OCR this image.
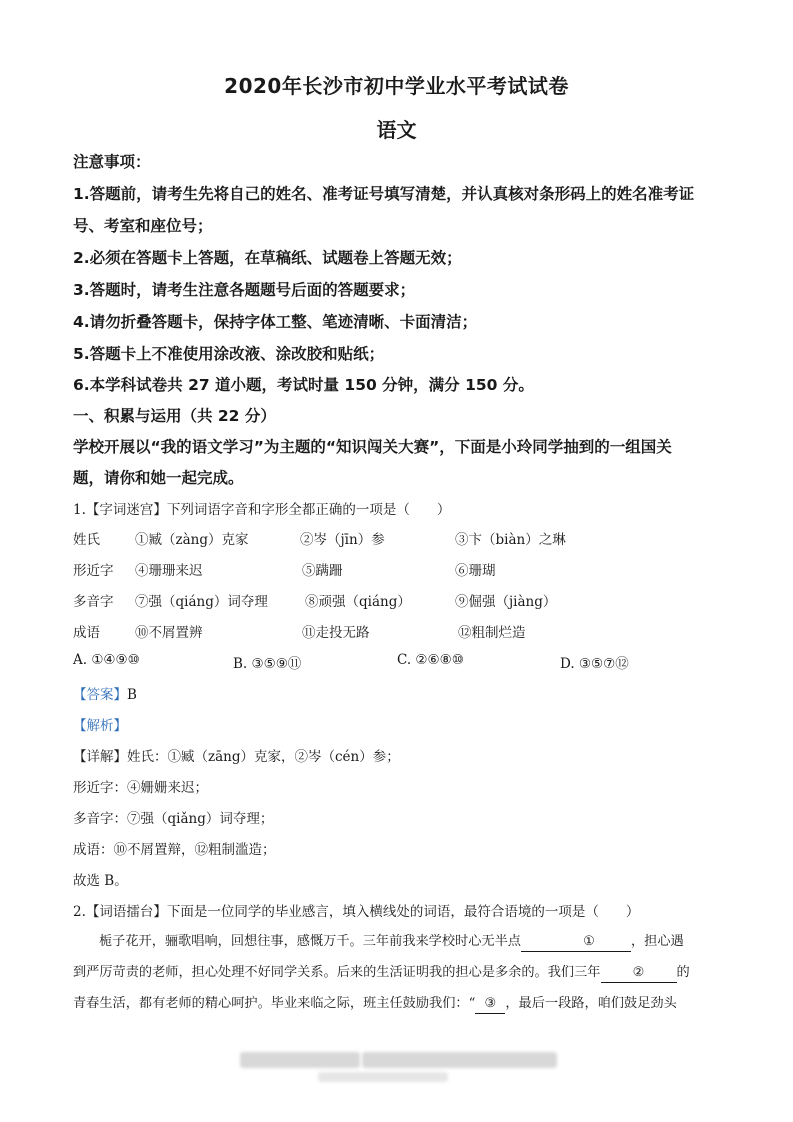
2020年长沙市初中学业水平考试试卷
语文
注意事项：
1.答题前，请考生先将自己的姓名、准考证号填写清楚，并认真核对条形码上的姓名准考证
号、考室和座位号；
2.必须在答题卡上答题，在草稿纸、试题卷上答题无效；
3.答题时，请考生注意各题题号后面的答题要求；
4.请勿折叠答题卡，保持字体工整、笔迹清晰、卡面清洁；
5.答题卡上不准使用涂改液、涂改胶和贴纸；
6.本学科试卷共 27 道小题，考试时量 150 分钟，满分 150 分。
一、积累与运用（共 22 分）
学校开展以“我的语文学习”为主题的“知识闯关大赛”，下面是小玲同学抽到的一组国关
题，请你和她一起完成。
1.【字词迷宫】下列词语字音和字形全都正确的一项是（　　）
姓氏	①臧（zàng）克家	②岑（jīn）参	③卞（biàn）之琳
形近字 ④珊珊来迟	⑤蹒跚	⑥珊瑚
多音字 ⑦强（qiáng）词夺理	⑧顽强（qiáng）	⑨倔强（jiàng）
成语	⑩不屑置辨	⑪走投无路	⑫粗制烂造
A. ①④⑨⑩	B. ③⑤⑨⑪	C. ②⑥⑧⑩	D. ③⑤⑦⑫
【答案】B
【解析】
【详解】姓氏：①臧（zāng）克家，②岑（cén）参；
形近字：④姗姗来迟；
多音字：⑦强（qiǎng）词夺理；
成语：⑩不屑置辩，⑫粗制滥造；
故选 B。
2.【词语擂台】下面是一位同学的毕业感言，填入横线处的词语，最符合语境的一项是（　　）
栀子花开，骊歌唱响，回想往事，感慨万千。三年前我来学校时心无半点	①	，担心遇
到严厉苛责的老师，担心处理不好同学关系。后来的生活证明我的担心是多余的。我们三年 ② 的
青春生活，都有老师的精心呵护。毕业来临之际，班主任鼓励我们：“ ③ ，最后一段路，咱们鼓足劲头
